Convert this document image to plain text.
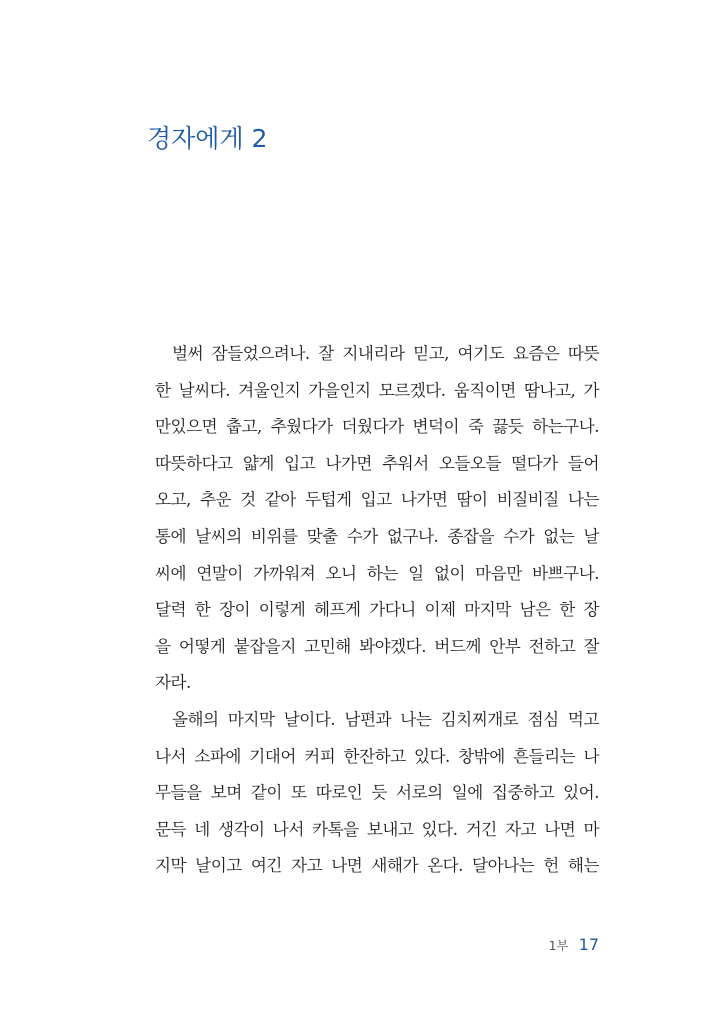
경자에게 2
벌써 잠들었으려나. 잘 지내리라 믿고, 여기도 요즘은 따뜻
한 날씨다. 겨울인지 가을인지 모르겠다. 움직이면 땀나고, 가
만있으면 춥고, 추웠다가 더웠다가 변덕이 죽 끓듯 하는구나.
따뜻하다고 얇게 입고 나가면 추워서 오들오들 떨다가 들어
오고, 추운 것 같아 두텁게 입고 나가면 땀이 비질비질 나는
통에 날씨의 비위를 맞출 수가 없구나. 종잡을 수가 없는 날
씨에 연말이 가까워져 오니 하는 일 없이 마음만 바쁘구나.
달력 한 장이 이렇게 헤프게 가다니 이제 마지막 남은 한 장
을 어떻게 붙잡을지 고민해 봐야겠다. 버드께 안부 전하고 잘
자라.
올해의 마지막 날이다. 남편과 나는 김치찌개로 점심 먹고
나서 소파에 기대어 커피 한잔하고 있다. 창밖에 흔들리는 나
무들을 보며 같이 또 따로인 듯 서로의 일에 집중하고 있어.
문득 네 생각이 나서 카톡을 보내고 있다. 거긴 자고 나면 마
지막 날이고 여긴 자고 나면 새해가 온다. 달아나는 헌 해는
1부 17
